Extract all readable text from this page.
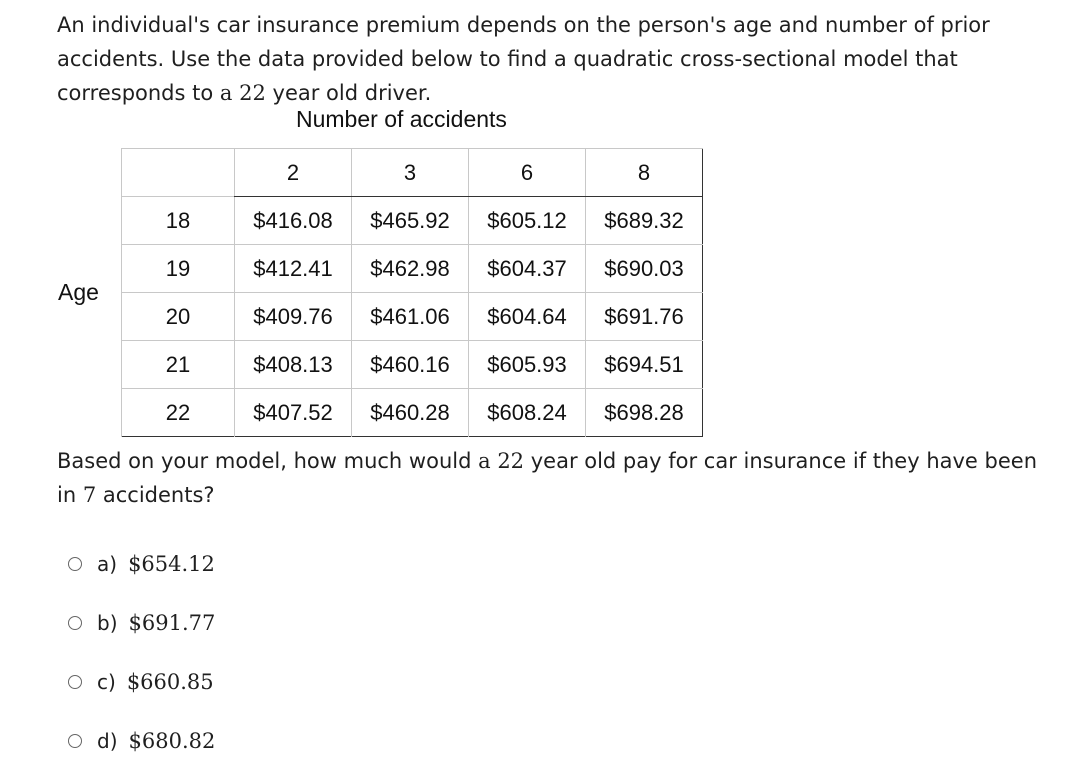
An individual's car insurance premium depends on the person's age and number of prior accidents. Use the data provided below to find a quadratic cross-sectional model that corresponds to a 22 year old driver.

Number of accidents
Age
	2	3	6	8
18	$416.08	$465.92	$605.12	$689.32
19	$412.41	$462.98	$604.37	$690.03
20	$409.76	$461.06	$604.64	$691.76
21	$408.13	$460.16	$605.93	$694.51
22	$407.52	$460.28	$608.24	$698.28

Based on your model, how much would a 22 year old pay for car insurance if they have been in 7 accidents?

a) $654.12
b) $691.77
c) $660.85
d) $680.82
